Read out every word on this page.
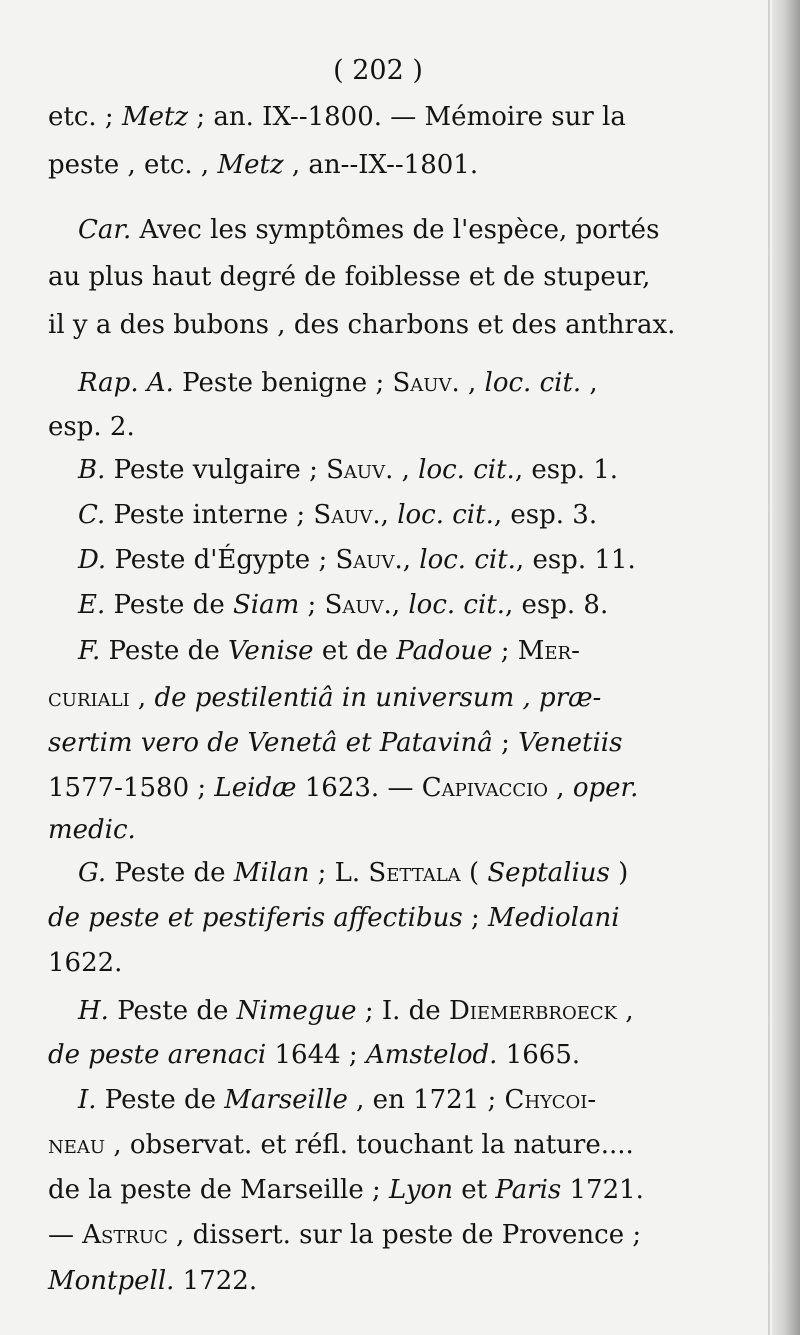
( 202 )
etc. ; Metz ; an. IX--1800. — Mémoire sur la
peste , etc. , Metz , an--IX--1801.
Car. Avec les symptômes de l'espèce, portés
au plus haut degré de foiblesse et de stupeur,
il y a des bubons , des charbons et des anthrax.
Rap. A. Peste benigne ; Sauv. , loc. cit. ,
esp. 2.
B. Peste vulgaire ; Sauv. , loc. cit., esp. 1.
C. Peste interne ; Sauv., loc. cit., esp. 3.
D. Peste d'Égypte ; Sauv., loc. cit., esp. 11.
E. Peste de Siam ; Sauv., loc. cit., esp. 8.
F. Peste de Venise et de Padoue ; Mer-
curiali , de pestilentiâ in universum , præ-
sertim vero de Venetâ et Patavinâ ; Venetiis
1577-1580 ; Leidæ 1623. — Capivaccio , oper.
medic.
G. Peste de Milan ; L. Settala ( Septalius )
de peste et pestiferis affectibus ; Mediolani
1622.
H. Peste de Nimegue ; I. de Diemerbroeck ,
de peste arenaci 1644 ; Amstelod. 1665.
I. Peste de Marseille , en 1721 ; Chycoi-
neau , observat. et réfl. touchant la nature....
de la peste de Marseille ; Lyon et Paris 1721.
— Astruc , dissert. sur la peste de Provence ;
Montpell. 1722.
